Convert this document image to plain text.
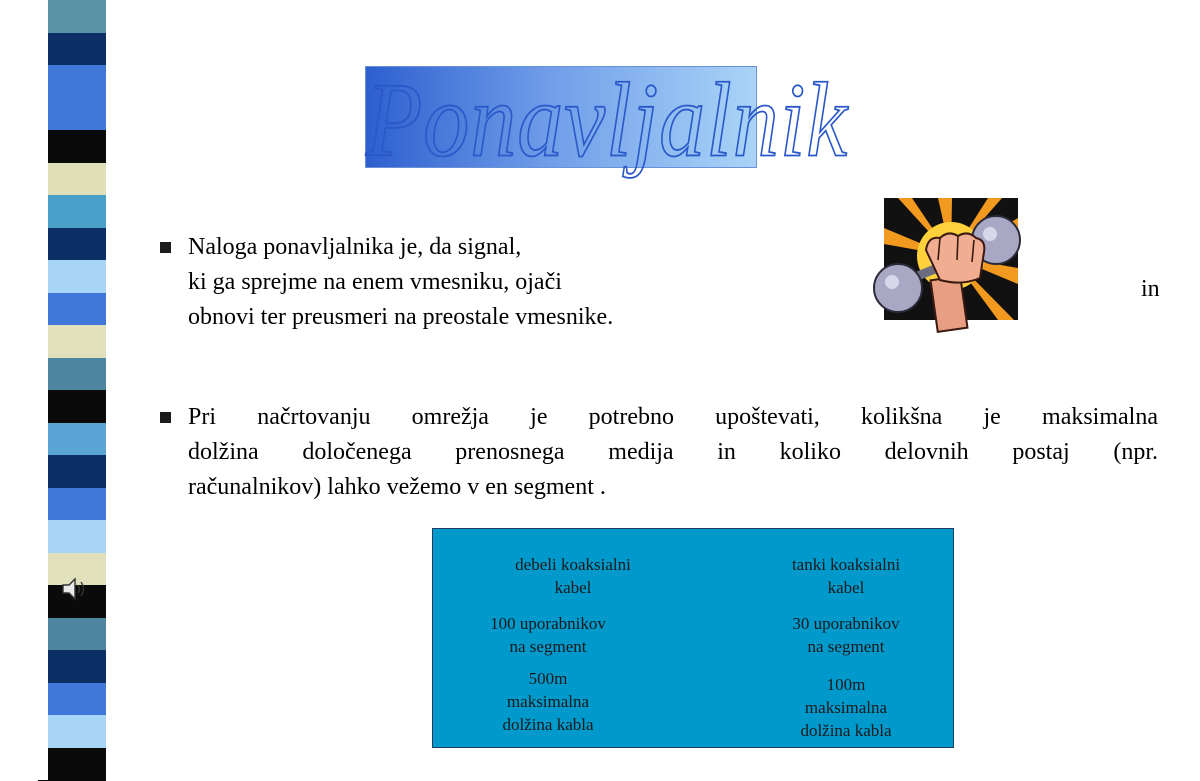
Ponavljalnik
Naloga ponavljalnika je, da signal,
ki ga sprejme na enem vmesniku, ojači
obnovi ter preusmeri na preostale vmesnike.
in
Pri načrtovanju omrežja je potrebno upoštevati, kolikšna je maksimalna
dolžina določenega prenosnega medija in koliko delovnih postaj (npr.
računalnikov) lahko vežemo v en segment .
debeli koaksialni
kabel
tanki koaksialni
kabel
100 uporabnikov
na segment
30 uporabnikov
na segment
500m
maksimalna
dolžina kabla
100m
maksimalna
dolžina kabla
